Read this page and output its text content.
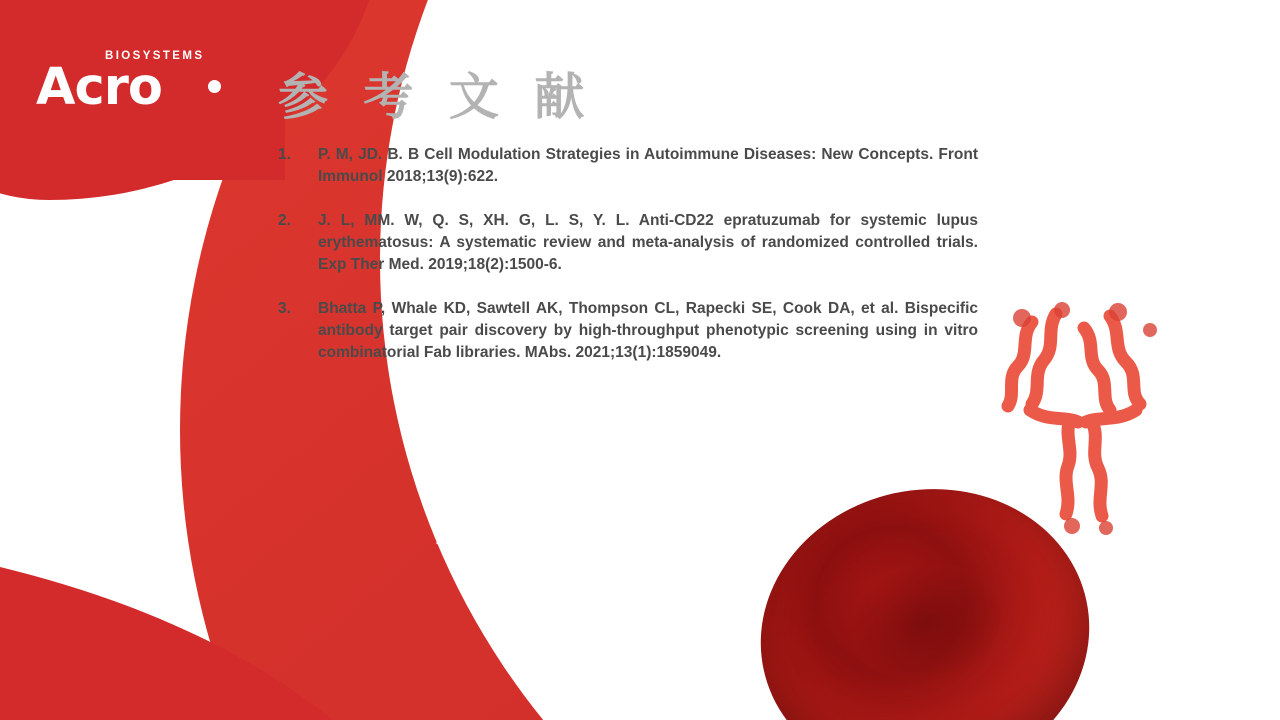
BIOSYSTEMS
Acro 参 考 文 献
1.	P. M, JD. B. B Cell Modulation Strategies in Autoimmune Diseases: New Concepts. Front Immunol 2018;13(9):622.
2.	J. L, MM. W, Q. S, XH. G, L. S, Y. L. Anti-CD22 epratuzumab for systemic lupus erythematosus: A systematic review and meta-analysis of randomized controlled trials. Exp Ther Med. 2019;18(2):1500-6.
3.	Bhatta P, Whale KD, Sawtell AK, Thompson CL, Rapecki SE, Cook DA, et al. Bispecific antibody target pair discovery by high-throughput phenotypic screening using in vitro combinatorial Fab libraries. MAbs. 2021;13(1):1859049.
百奥荣创生物科技
